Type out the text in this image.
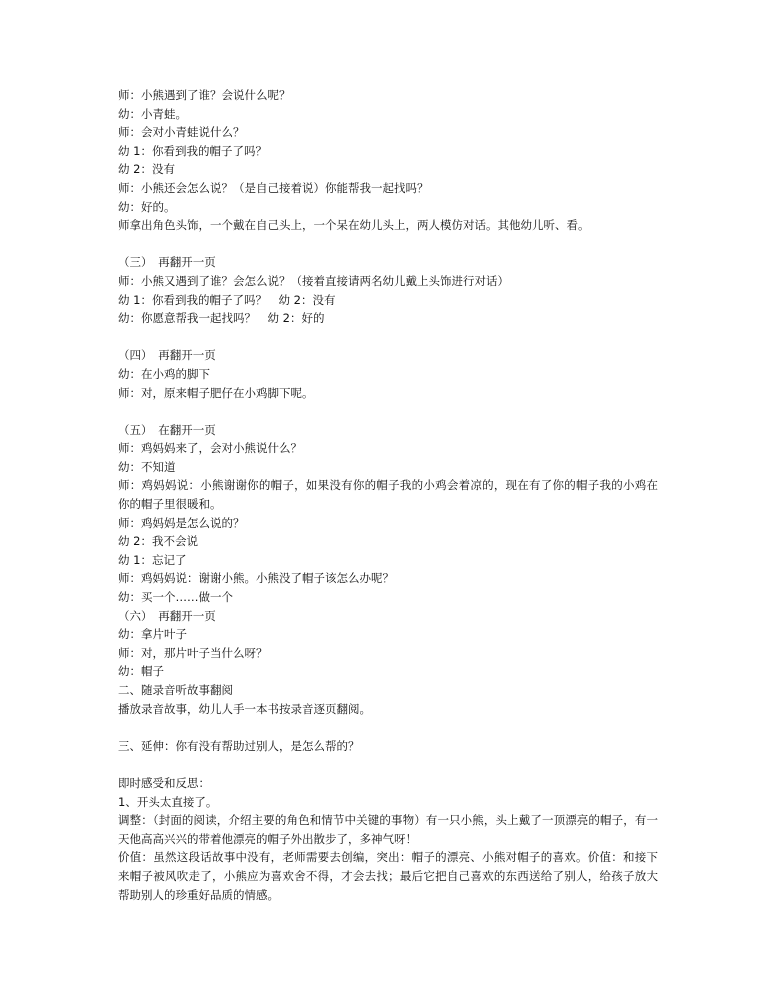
师：小熊遇到了谁？会说什么呢？
幼：小青蛙。
师：会对小青蛙说什么？
幼 1：你看到我的帽子了吗？
幼 2：没有
师：小熊还会怎么说？（是自己接着说）你能帮我一起找吗？
幼：好的。
师拿出角色头饰，一个戴在自己头上，一个呆在幼儿头上，两人模仿对话。其他幼儿听、看。
（三）　再翻开一页
师：小熊又遇到了谁？会怎么说？（接着直接请两名幼儿戴上头饰进行对话）
幼 1：你看到我的帽子了吗？　幼 2：没有
幼：你愿意帮我一起找吗？　幼 2：好的
（四）　再翻开一页
幼：在小鸡的脚下
师：对，原来帽子肥仔在小鸡脚下呢。
（五）　在翻开一页
师：鸡妈妈来了，会对小熊说什么？
幼：不知道
师：鸡妈妈说：小熊谢谢你的帽子，如果没有你的帽子我的小鸡会着凉的，现在有了你的帽子我的小鸡在你的帽子里很暖和。
师：鸡妈妈是怎么说的？
幼 2：我不会说
幼 1：忘记了
师：鸡妈妈说：谢谢小熊。小熊没了帽子该怎么办呢？
幼：买一个……做一个
（六）　再翻开一页
幼：拿片叶子
师：对，那片叶子当什么呀？
幼：帽子
二、随录音听故事翻阅
播放录音故事，幼儿人手一本书按录音逐页翻阅。
三、延伸：你有没有帮助过别人，是怎么帮的？
即时感受和反思：
1、开头太直接了。
调整：（封面的阅读，介绍主要的角色和情节中关键的事物）有一只小熊，头上戴了一顶漂亮的帽子，有一天他高高兴兴的带着他漂亮的帽子外出散步了，多神气呀！
价值：虽然这段话故事中没有，老师需要去创编，突出：帽子的漂亮、小熊对帽子的喜欢。价值：和接下来帽子被风吹走了，小熊应为喜欢舍不得，才会去找；最后它把自己喜欢的东西送给了别人，给孩子放大帮助别人的珍重好品质的情感。
